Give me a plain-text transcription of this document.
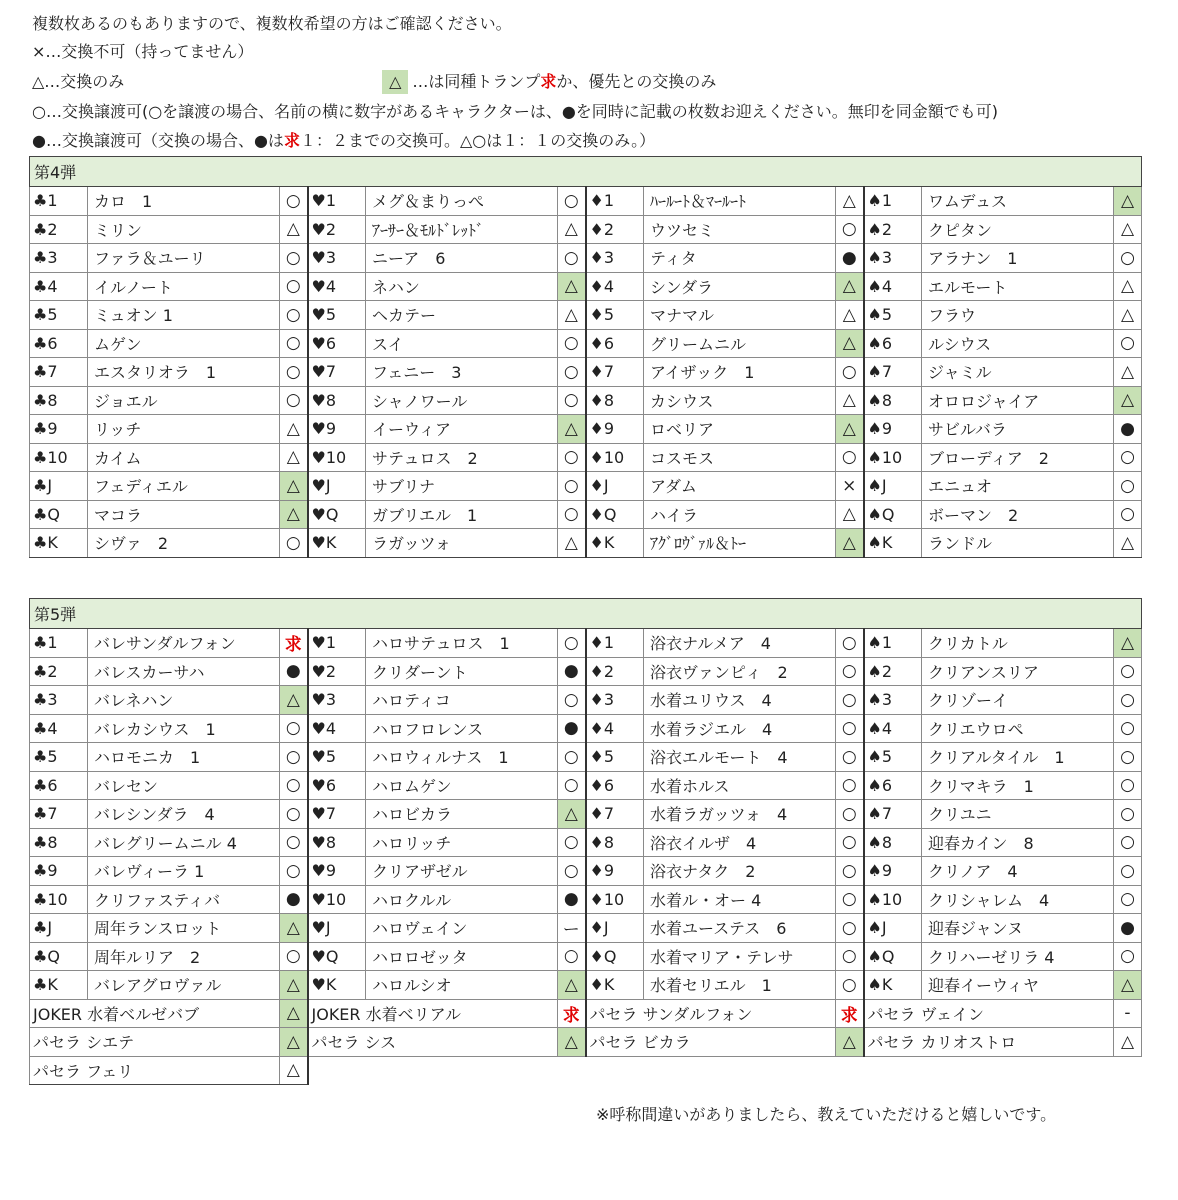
複数枚あるのもありますので、複数枚希望の方はご確認ください。
×…交換不可（持ってません）
△…交換のみ	△ …は同種トランプ求か、優先との交換のみ
○…交換譲渡可(○を譲渡の場合、名前の横に数字があるキャラクターは、●を同時に記載の枚数お迎えください。無印を同金額でも可)
●…交換譲渡可（交換の場合、●は求１：２までの交換可。△○は１：１の交換のみ。）
第4弾											
♣1	カロ　1	○	♥1	メグ＆まりっぺ	○	♦1	ﾊｰﾙｰﾄ＆ﾏｰﾙｰﾄ	△	♠1	ワムデュス	△
♣2	ミリン	△	♥2	ｱｰｻｰ＆ﾓﾙﾄﾞﾚｯﾄﾞ	△	♦2	ウツセミ	○	♠2	クピタン	△
♣3	ファラ＆ユーリ	○	♥3	ニーア　6	○	♦3	ティタ	●	♠3	アラナン　1	○
♣4	イルノート	○	♥4	ネハン	△	♦4	シンダラ	△	♠4	エルモート	△
♣5	ミュオン 1	○	♥5	ヘカテー	△	♦5	マナマル	△	♠5	フラウ	△
♣6	ムゲン	○	♥6	スイ	○	♦6	グリームニル	△	♠6	ルシウス	○
♣7	エスタリオラ　1	○	♥7	フェニー　3	○	♦7	アイザック　1	○	♠7	ジャミル	△
♣8	ジョエル	○	♥8	シャノワール	○	♦8	カシウス	△	♠8	オロロジャイア	△
♣9	リッチ	△	♥9	イーウィア	△	♦9	ロベリア	△	♠9	サビルバラ	●
♣10	カイム	△	♥10	サテュロス　2	○	♦10	コスモス	○	♠10	ブローディア　2	○
♣J	フェディエル	△	♥J	サブリナ	○	♦J	アダム	×	♠J	エニュオ	○
♣Q	マコラ	△	♥Q	ガブリエル　1	○	♦Q	ハイラ	△	♠Q	ボーマン　2	○
♣K	シヴァ　2	○	♥K	ラガッツォ	△	♦K	ｱｸﾞﾛｳﾞｧﾙ＆ﾄｰ	△	♠K	ランドル	△
第5弾											
♣1	バレサンダルフォン	求	♥1	ハロサテュロス　1	○	♦1	浴衣ナルメア　4	○	♠1	クリカトル	△
♣2	バレスカーサハ	●	♥2	クリダーント	●	♦2	浴衣ヴァンピィ　2	○	♠2	クリアンスリア	○
♣3	バレネハン	△	♥3	ハロティコ	○	♦3	水着ユリウス　4	○	♠3	クリゾーイ	○
♣4	バレカシウス　1	○	♥4	ハロフロレンス	●	♦4	水着ラジエル　4	○	♠4	クリエウロペ	○
♣5	ハロモニカ　1	○	♥5	ハロウィルナス　1	○	♦5	浴衣エルモート　4	○	♠5	クリアルタイル　1	○
♣6	バレセン	○	♥6	ハロムゲン	○	♦6	水着ホルス	○	♠6	クリマキラ　1	○
♣7	バレシンダラ　4	○	♥7	ハロビカラ	△	♦7	水着ラガッツォ　4	○	♠7	クリユニ	○
♣8	バレグリームニル 4	○	♥8	ハロリッチ	○	♦8	浴衣イルザ　4	○	♠8	迎春カイン　8	○
♣9	バレヴィーラ 1	○	♥9	クリアザゼル	○	♦9	浴衣ナタク　2	○	♠9	クリノア　4	○
♣10	クリファスティバ	●	♥10	ハロクルル	●	♦10	水着ル・オー 4	○	♠10	クリシャレム　4	○
♣J	周年ランスロット	△	♥J	ハロヴェイン	ー	♦J	水着ユーステス　6	○	♠J	迎春ジャンヌ	●
♣Q	周年ルリア　2	○	♥Q	ハロロゼッタ	○	♦Q	水着マリア・テレサ	○	♠Q	クリハーゼリラ 4	○
♣K	バレアグロヴァル	△	♥K	ハロルシオ	△	♦K	水着セリエル　1	○	♠K	迎春イーウィヤ	△
JOKER 水着ベルゼバブ		△	JOKER 水着ベリアル		求	パセラ サンダルフォン		求	パセラ ヴェイン		-
パセラ シエテ		△	パセラ シス		△	パセラ ビカラ		△	パセラ カリオストロ		△
パセラ フェリ		△									
※呼称間違いがありましたら、教えていただけると嬉しいです。
